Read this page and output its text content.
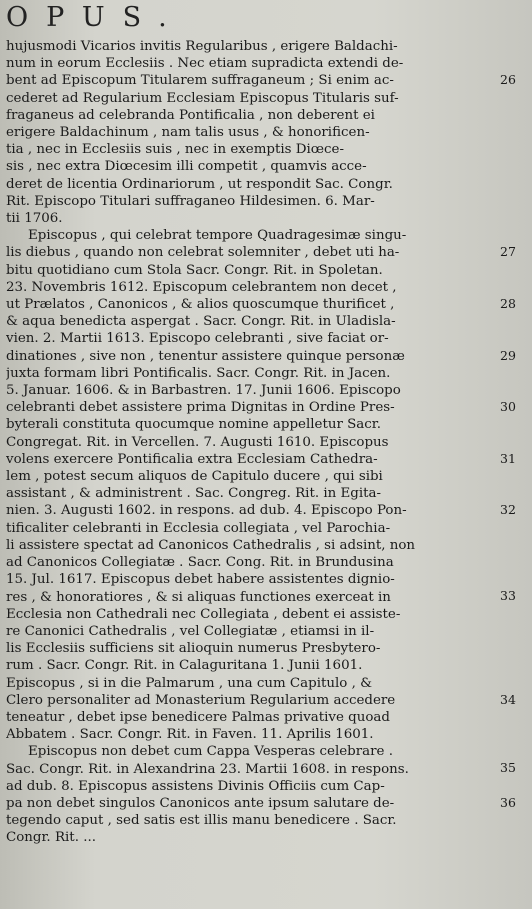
OPUS.
hujusmodi Vicarios invitis Regularibus , erigere Baldachi-
num in eorum Ecclesiis . Nec etiam supradicta extendi de-
bent ad Episcopum Titularem suffraganeum ; Si enim ac-
cederet ad Regularium Ecclesiam Episcopus Titularis suf-
fraganeus ad celebranda Pontificalia , non deberent ei
erigere Baldachinum , nam talis usus , & honorificen-
tia , nec in Ecclesiis suis , nec in exemptis Diœce-
sis , nec extra Diœcesim illi competit , quamvis acce-
deret de licentia Ordinariorum , ut respondit Sac. Congr.
Rit. Episcopo Titulari suffraganeo Hildesimen. 6. Mar-
tii 1706.
Episcopus , qui celebrat tempore Quadragesimæ singu-
lis diebus , quando non celebrat solemniter , debet uti ha-
bitu quotidiano cum Stola Sacr. Congr. Rit. in Spoletan.
23. Novembris 1612. Episcopum celebrantem non decet ,
ut Prælatos , Canonicos , & alios quoscumque thurificet ,
& aqua benedicta aspergat . Sacr. Congr. Rit. in Uladisla-
vien. 2. Martii 1613. Episcopo celebranti , sive faciat or-
dinationes , sive non , tenentur assistere quinque personæ
juxta formam libri Pontificalis. Sacr. Congr. Rit. in Jacen.
5. Januar. 1606. & in Barbastren. 17. Junii 1606. Episcopo
celebranti debet assistere prima Dignitas in Ordine Pres-
byterali constituta quocumque nomine appelletur Sacr.
Congregat. Rit. in Vercellen. 7. Augusti 1610. Episcopus
volens exercere Pontificalia extra Ecclesiam Cathedra-
lem , potest secum aliquos de Capitulo ducere , qui sibi
assistant , & administrent . Sac. Congreg. Rit. in Egita-
nien. 3. Augusti 1602. in respons. ad dub. 4. Episcopo Pon-
tificaliter celebranti in Ecclesia collegiata , vel Parochia-
li assistere spectat ad Canonicos Cathedralis , si adsint, non
ad Canonicos Collegiatæ . Sacr. Cong. Rit. in Brundusina
15. Jul. 1617. Episcopus debet habere assistentes dignio-
res , & honoratiores , & si aliquas functiones exerceat in
Ecclesia non Cathedrali nec Collegiata , debent ei assiste-
re Canonici Cathedralis , vel Collegiatæ , etiamsi in il-
lis Ecclesiis sufficiens sit alioquin numerus Presbytero-
rum . Sacr. Congr. Rit. in Calaguritana 1. Junii 1601.
Episcopus , si in die Palmarum , una cum Capitulo , &
Clero personaliter ad Monasterium Regularium accedere
teneatur , debet ipse benedicere Palmas privative quoad
Abbatem . Sacr. Congr. Rit. in Faven. 11. Aprilis 1601.
Episcopus non debet cum Cappa Vesperas celebrare .
Sac. Congr. Rit. in Alexandrina 23. Martii 1608. in respons.
ad dub. 8. Episcopus assistens Divinis Officiis cum Cap-
pa non debet singulos Canonicos ante ipsum salutare de-
tegendo caput , sed satis est illis manu benedicere . Sacr.
Congr. Rit. ...
26
27
28
29
30
31
32
33
34
35
36
